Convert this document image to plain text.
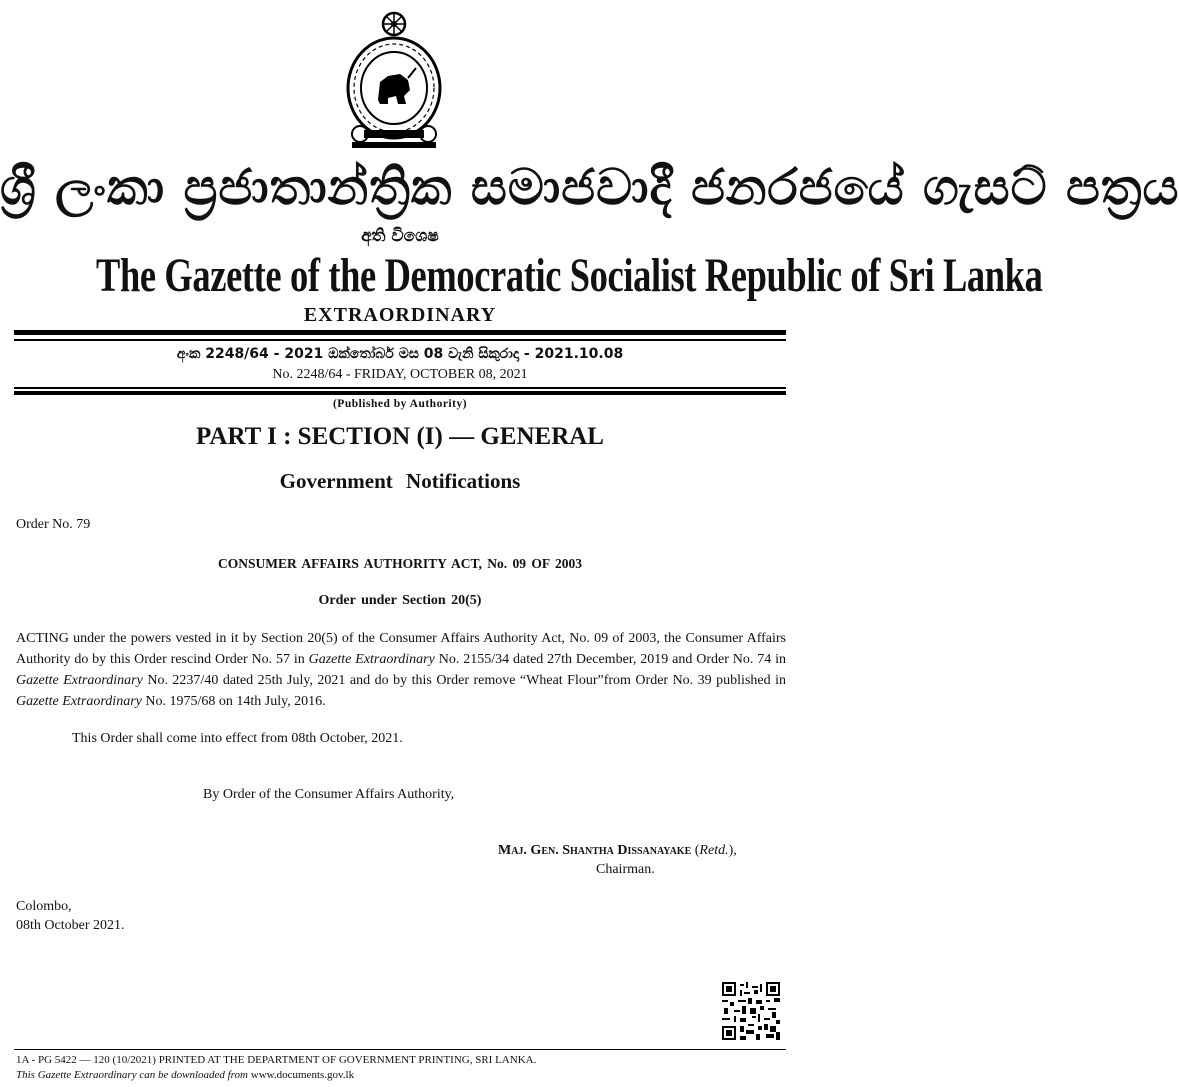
ශ්‍රී ලංකා ප්‍රජාතාන්ත්‍රික සමාජවාදී ජනරජයේ ගැසට් පත්‍රය
අති විශෙෂ
The Gazette of the Democratic Socialist Republic of Sri Lanka
EXTRAORDINARY
අංක 2248/64 - 2021 ඔක්තෝබර් මස 08 වැනි සිකුරාදා - 2021.10.08
No. 2248/64 - FRIDAY, OCTOBER 08, 2021
(Published by Authority)
PART I : SECTION (I) — GENERAL
Government Notifications
Order No. 79
CONSUMER AFFAIRS AUTHORITY ACT, No. 09 OF 2003
Order under Section 20(5)
ACTING under the powers vested in it by Section 20(5) of the Consumer Affairs Authority Act, No. 09 of 2003, the Consumer Affairs Authority do by this Order rescind Order No. 57 in Gazette Extraordinary No. 2155/34 dated 27th December, 2019 and Order No. 74 in Gazette Extraordinary No. 2237/40 dated 25th July, 2021 and do by this Order remove “Wheat Flour”from Order No. 39 published in Gazette Extraordinary No. 1975/68 on 14th July, 2016.
This Order shall come into effect from 08th October, 2021.
By Order of the Consumer Affairs Authority,
Maj. Gen. Shantha Dissanayake (Retd.),
Chairman.
Colombo,
08th October 2021.
1A - PG 5422 — 120 (10/2021) PRINTED AT THE DEPARTMENT OF GOVERNMENT PRINTING, SRI LANKA.
This Gazette Extraordinary can be downloaded from www.documents.gov.lk
